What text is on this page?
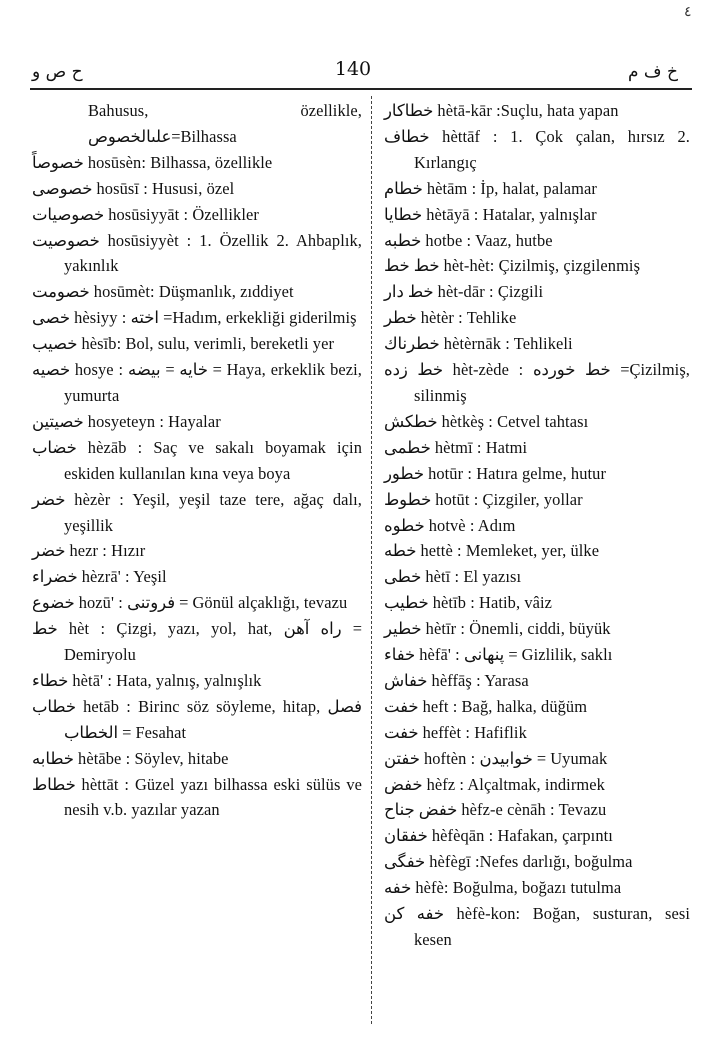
٤
ح ص و	140	خ ف م
Bahusus, özellikle, علىالخصوص=Bilhassa
خصوصاً hosūsèn: Bilhassa, özellikle
خصوصى hosūsī : Hususi, özel
خصوصيات hosūsiyyāt : Özellikler
خصوصيت hosūsiyyèt : 1. Özellik 2. Ahbaplık, yakınlık
خصومت hosūmèt: Düşmanlık, zıddiyet
خصى hèsiyy : اخته =Hadım, erkekliği giderilmiş
خصيب hèsīb: Bol, sulu, verimli, bereketli yer
خصيه hosye : خايه = بيضه = Haya, erkeklik bezi, yumurta
خصيتين hosyeteyn : Hayalar
خضاب hèzāb : Saç ve sakalı boyamak için eskiden kullanılan kına veya boya
خضر hèzèr : Yeşil, yeşil taze tere, ağaç dalı, yeşillik
خضر hezr : Hızır
خضراء hèzrā' : Yeşil
خضوع hozū' : فروتنى = Gönül alçaklığı, tevazu
خط hèt : Çizgi, yazı, yol, hat, راه آهن = Demiryolu
خطاء hètā' : Hata, yalnış, yalnışlık
خطاب hetāb : Birinc söz söyleme, hitap, فصل الخطاب = Fesahat
خطابه hètābe : Söylev, hitabe
خطاط hèttāt : Güzel yazı bilhassa eski sülüs ve nesih v.b. yazılar yazan
خطاكار hètā-kār :Suçlu, hata yapan
خطاف hèttāf : 1. Çok çalan, hırsız 2. Kırlangıç
خطام hètām : İp, halat, palamar
خطايا hètāyā : Hatalar, yalnışlar
خطبه hotbe : Vaaz, hutbe
خط خط hèt-hèt: Çizilmiş, çizgilenmiş
خط دار hèt-dār : Çizgili
خطر hètèr : Tehlike
خطرناك hètèrnāk : Tehlikeli
خط زده hèt-zède : خط خورده =Çizilmiş, silinmiş
خطكش hètkèş : Cetvel tahtası
خطمى hètmī : Hatmi
خطور hotūr : Hatıra gelme, hutur
خطوط hotūt : Çizgiler, yollar
خطوه hotvè : Adım
خطه hettè : Memleket, yer, ülke
خطى hètī : El yazısı
خطيب hètīb : Hatib, vâiz
خطير hètīr : Önemli, ciddi, büyük
خفاء hèfā' : پنهانى = Gizlilik, saklı
خفاش hèffāş : Yarasa
خفت heft : Bağ, halka, düğüm
خفت heffèt : Hafiflik
خفتن hoftèn : خوابيدن = Uyumak
خفض hèfz : Alçaltmak, indirmek
خفض جناح hèfz-e cènāh : Tevazu
خفقان hèfèqān : Hafakan, çarpıntı
خفگى hèfègī :Nefes darlığı, boğulma
خفه hèfè: Boğulma, boğazı tutulma
خفه كن hèfè-kon: Boğan, susturan, sesi kesen
